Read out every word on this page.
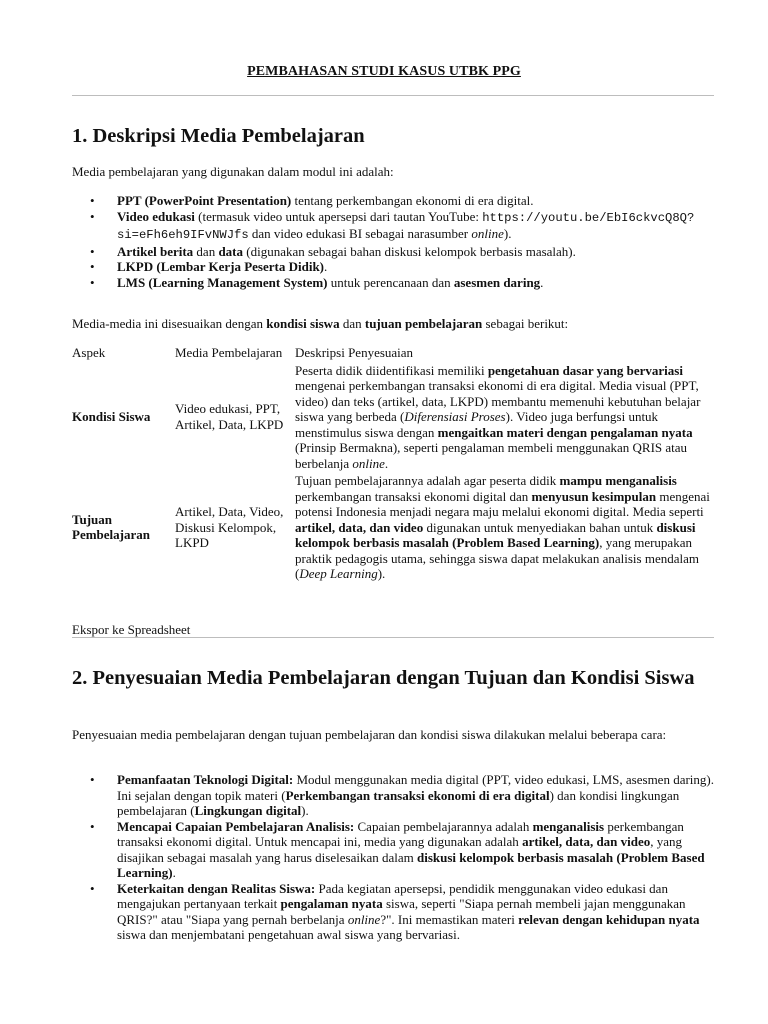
PEMBAHASAN STUDI KASUS UTBK PPG
1. Deskripsi Media Pembelajaran

Media pembelajaran yang digunakan dalam modul ini adalah:

• PPT (PowerPoint Presentation) tentang perkembangan ekonomi di era digital.
• Video edukasi (termasuk video untuk apersepsi dari tautan YouTube: https://youtu.be/EbI6ckvcQ8Q?si=eFh6eh9IFvNWJfs dan video edukasi BI sebagai narasumber online).
• Artikel berita dan data (digunakan sebagai bahan diskusi kelompok berbasis masalah).
• LKPD (Lembar Kerja Peserta Didik).
• LMS (Learning Management System) untuk perencanaan dan asesmen daring.

Media-media ini disesuaikan dengan kondisi siswa dan tujuan pembelajaran sebagai berikut:

Aspek	Media Pembelajaran	Deskripsi Penyesuaian
Kondisi Siswa	Video edukasi, PPT, Artikel, Data, LKPD	Peserta didik diidentifikasi memiliki pengetahuan dasar yang bervariasi mengenai perkembangan transaksi ekonomi di era digital. Media visual (PPT, video) dan teks (artikel, data, LKPD) membantu memenuhi kebutuhan belajar siswa yang berbeda (Diferensiasi Proses). Video juga berfungsi untuk menstimulus siswa dengan mengaitkan materi dengan pengalaman nyata (Prinsip Bermakna), seperti pengalaman membeli menggunakan QRIS atau berbelanja online.
Tujuan Pembelajaran	Artikel, Data, Video, Diskusi Kelompok, LKPD	Tujuan pembelajarannya adalah agar peserta didik mampu menganalisis perkembangan transaksi ekonomi digital dan menyusun kesimpulan mengenai potensi Indonesia menjadi negara maju melalui ekonomi digital. Media seperti artikel, data, dan video digunakan untuk menyediakan bahan untuk diskusi kelompok berbasis masalah (Problem Based Learning), yang merupakan praktik pedagogis utama, sehingga siswa dapat melakukan analisis mendalam (Deep Learning).
Ekspor ke Spreadsheet
2. Penyesuaian Media Pembelajaran dengan Tujuan dan Kondisi Siswa

Penyesuaian media pembelajaran dengan tujuan pembelajaran dan kondisi siswa dilakukan melalui beberapa cara:

• Pemanfaatan Teknologi Digital: Modul menggunakan media digital (PPT, video edukasi, LMS, asesmen daring). Ini sejalan dengan topik materi (Perkembangan transaksi ekonomi di era digital) dan kondisi lingkungan pembelajaran (Lingkungan digital).
• Mencapai Capaian Pembelajaran Analisis: Capaian pembelajarannya adalah menganalisis perkembangan transaksi ekonomi digital. Untuk mencapai ini, media yang digunakan adalah artikel, data, dan video, yang disajikan sebagai masalah yang harus diselesaikan dalam diskusi kelompok berbasis masalah (Problem Based Learning).
• Keterkaitan dengan Realitas Siswa: Pada kegiatan apersepsi, pendidik menggunakan video edukasi dan mengajukan pertanyaan terkait pengalaman nyata siswa, seperti "Siapa pernah membeli jajan menggunakan QRIS?" atau "Siapa yang pernah berbelanja online?". Ini memastikan materi relevan dengan kehidupan nyata siswa dan menjembatani pengetahuan awal siswa yang bervariasi.
